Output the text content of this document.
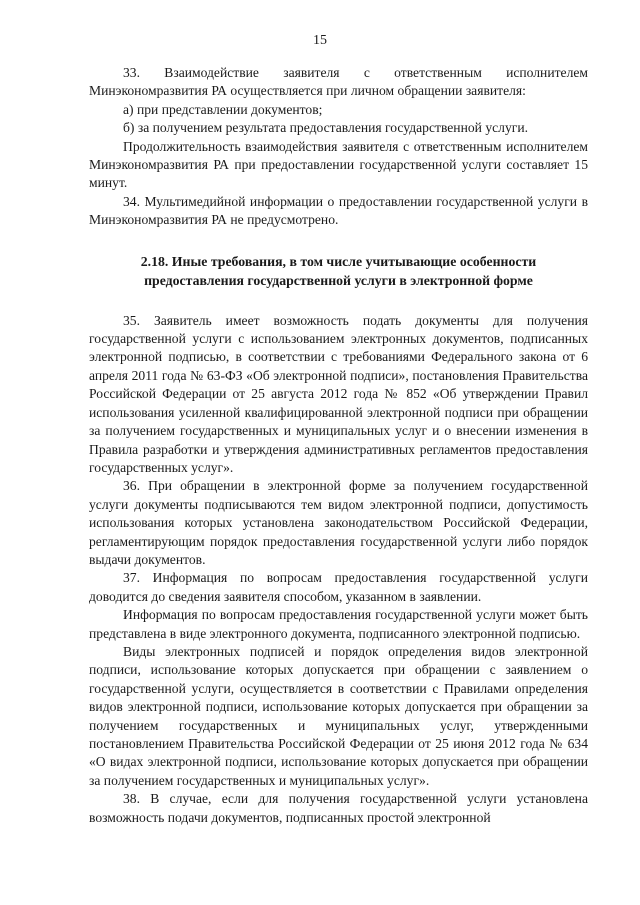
15

33. Взаимодействие заявителя с ответственным исполнителем Минэкономразвития РА осуществляется при личном обращении заявителя:

а) при представлении документов;

б) за получением результата предоставления государственной услуги.

Продолжительность взаимодействия заявителя с ответственным исполнителем Минэкономразвития РА при предоставлении государственной услуги составляет 15 минут.

34. Мультимедийной информации о предоставлении государственной услуги в Минэкономразвития РА не предусмотрено.

2.18. Иные требования, в том числе учитывающие особенности предоставления государственной услуги в электронной форме

35. Заявитель имеет возможность подать документы для получения государственной услуги с использованием электронных документов, подписанных электронной подписью, в соответствии с требованиями Федерального закона от 6 апреля 2011 года № 63-ФЗ «Об электронной подписи», постановления Правительства Российской Федерации от 25 августа 2012 года № 852 «Об утверждении Правил использования усиленной квалифицированной электронной подписи при обращении за получением государственных и муниципальных услуг и о внесении изменения в Правила разработки и утверждения административных регламентов предоставления государственных услуг».

36. При обращении в электронной форме за получением государственной услуги документы подписываются тем видом электронной подписи, допустимость использования которых установлена законодательством Российской Федерации, регламентирующим порядок предоставления государственной услуги либо порядок выдачи документов.

37. Информация по вопросам предоставления государственной услуги доводится до сведения заявителя способом, указанном в заявлении.

Информация по вопросам предоставления государственной услуги может быть представлена в виде электронного документа, подписанного электронной подписью.

Виды электронных подписей и порядок определения видов электронной подписи, использование которых допускается при обращении с заявлением о государственной услуги, осуществляется в соответствии с Правилами определения видов электронной подписи, использование которых допускается при обращении за получением государственных и муниципальных услуг, утвержденными постановлением Правительства Российской Федерации от 25 июня 2012 года № 634 «О видах электронной подписи, использование которых допускается при обращении за получением государственных и муниципальных услуг».

38. В случае, если для получения государственной услуги установлена возможность подачи документов, подписанных простой электронной
